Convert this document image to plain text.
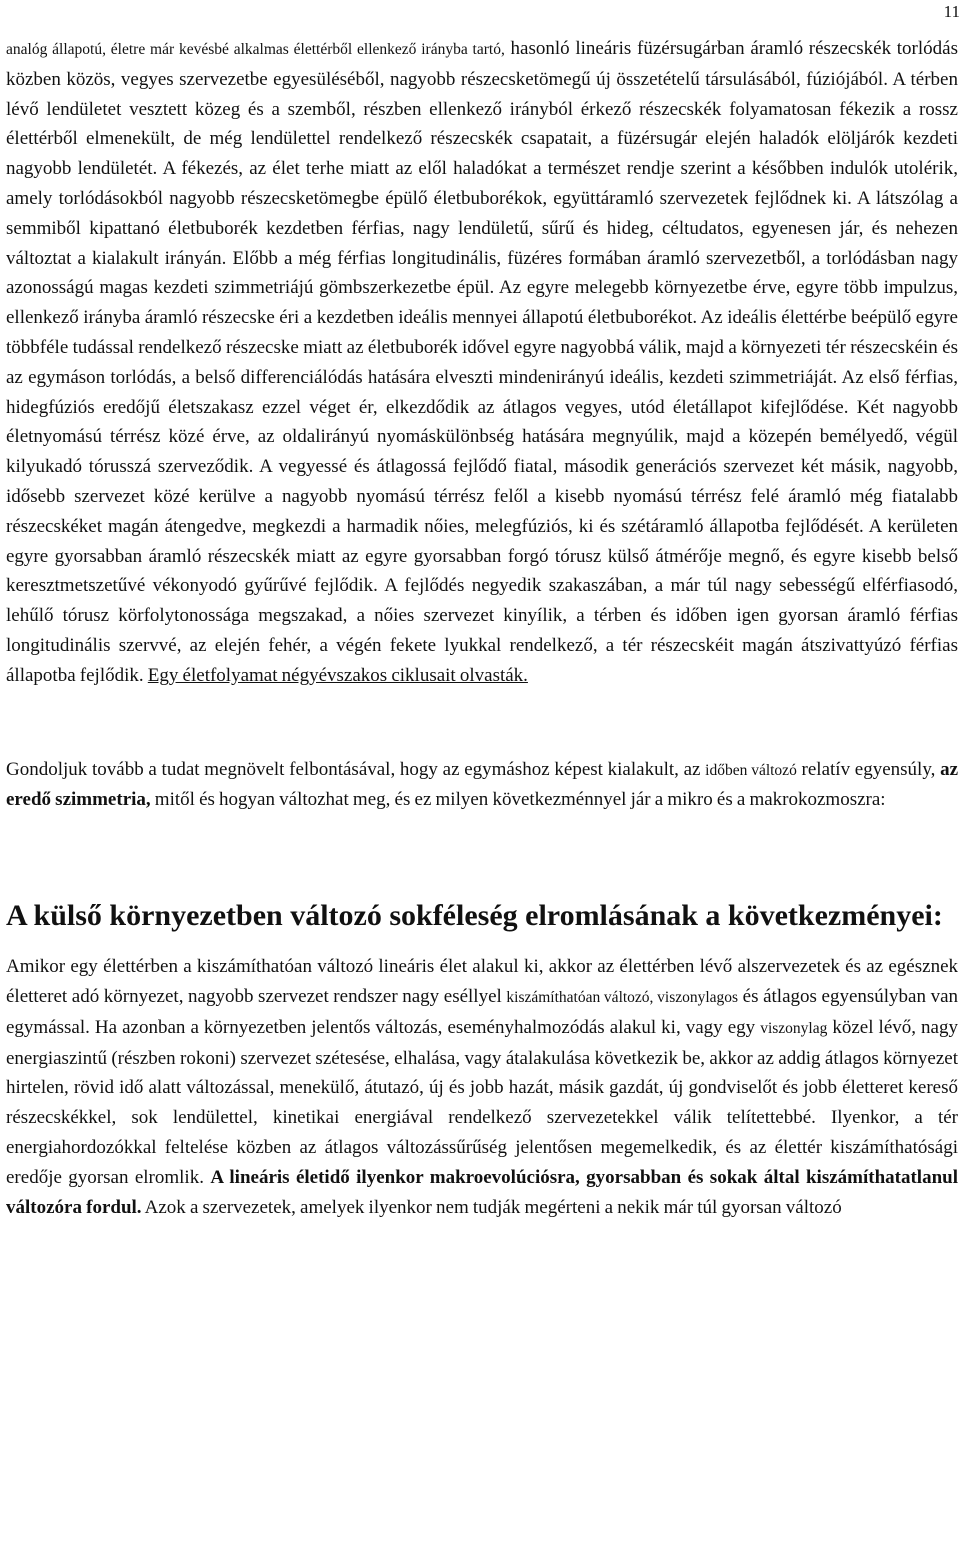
11

analóg állapotú, életre már kevésbé alkalmas élettérből ellenkező irányba tartó, hasonló lineáris füzérsugárban áramló részecskék torlódás közben közös, vegyes szervezetbe egyesüléséből, nagyobb részecsketömegű új összetételű társulásából, fúziójából. A térben lévő lendületet vesztett közeg és a szemből, részben ellenkező irányból érkező részecskék folyamatosan fékezik a rossz élettérből elmenekült, de még lendülettel rendelkező részecskék csapatait, a füzérsugár elején haladók elöljárók kezdeti nagyobb lendületét. A fékezés, az élet terhe miatt az elől haladókat a természet rendje szerint a későbben indulók utolérik, amely torlódásokból nagyobb részecsketömegbe épülő életbuborékok, együttáramló szervezetek fejlődnek ki. A látszólag a semmiből kipattanó életbuborék kezdetben férfias, nagy lendületű, sűrű és hideg, céltudatos, egyenesen jár, és nehezen változtat a kialakult irányán. Előbb a még férfias longitudinális, füzéres formában áramló szervezetből, a torlódásban nagy azonosságú magas kezdeti szimmetriájú gömbszerkezetbe épül. Az egyre melegebb környezetbe érve, egyre több impulzus, ellenkező irányba áramló részecske éri a kezdetben ideális mennyei állapotú életbuborékot. Az ideális élettérbe beépülő egyre többféle tudással rendelkező részecske miatt az életbuborék idővel egyre nagyobbá válik, majd a környezeti tér részecskéin és az egymáson torlódás, a belső differenciálódás hatására elveszti mindenirányú ideális, kezdeti szimmetriáját. Az első férfias, hidegfúziós eredőjű életszakasz ezzel véget ér, elkezdődik az átlagos vegyes, utód életállapot kifejlődése. Két nagyobb életnyomású térrész közé érve, az oldalirányú nyomáskülönbség hatására megnyúlik, majd a közepén bemélyedő, végül kilyukadó tórusszá szerveződik. A vegyessé és átlagossá fejlődő fiatal, második generációs szervezet két másik, nagyobb, idősebb szervezet közé kerülve a nagyobb nyomású térrész felől a kisebb nyomású térrész felé áramló még fiatalabb részecskéket magán átengedve, megkezdi a harmadik nőies, melegfúziós, ki és szétáramló állapotba fejlődését. A kerületen egyre gyorsabban áramló részecskék miatt az egyre gyorsabban forgó tórusz külső átmérője megnő, és egyre kisebb belső keresztmetszetűvé vékonyodó gyűrűvé fejlődik. A fejlődés negyedik szakaszában, a már túl nagy sebességű elférfiasodó, lehűlő tórusz körfolytonossága megszakad, a nőies szervezet kinyílik, a térben és időben igen gyorsan áramló férfias longitudinális szervvé, az elején fehér, a végén fekete lyukkal rendelkező, a tér részecskéit magán átszivattyúzó férfias állapotba fejlődik. Egy életfolyamat négyévszakos ciklusait olvasták.

Gondoljuk tovább a tudat megnövelt felbontásával, hogy az egymáshoz képest kialakult, az időben változó relatív egyensúly, az eredő szimmetria, mitől és hogyan változhat meg, és ez milyen következménnyel jár a mikro és a makrokozmoszra:

A külső környezetben változó sokféleség elromlásának a következményei:

Amikor egy élettérben a kiszámíthatóan változó lineáris élet alakul ki, akkor az élettérben lévő alszervezetek és az egésznek életteret adó környezet, nagyobb szervezet rendszer nagy eséllyel kiszámíthatóan változó, viszonylagos és átlagos egyensúlyban van egymással. Ha azonban a környezetben jelentős változás, eseményhalmozódás alakul ki, vagy egy viszonylag közel lévő, nagy energiaszintű (részben rokoni) szervezet szétesése, elhalása, vagy átalakulása következik be, akkor az addig átlagos környezet hirtelen, rövid idő alatt változással, menekülő, átutazó, új és jobb hazát, másik gazdát, új gondviselőt és jobb életteret kereső részecskékkel, sok lendülettel, kinetikai energiával rendelkező szervezetekkel válik telítettebbé. Ilyenkor, a tér energiahordozókkal feltelése közben az átlagos változássűrűség jelentősen megemelkedik, és az élettér kiszámíthatósági eredője gyorsan elromlik. A lineáris életidő ilyenkor makroevolúciósra, gyorsabban és sokak által kiszámíthatatlanul változóra fordul. Azok a szervezetek, amelyek ilyenkor nem tudják megérteni a nekik már túl gyorsan változó
